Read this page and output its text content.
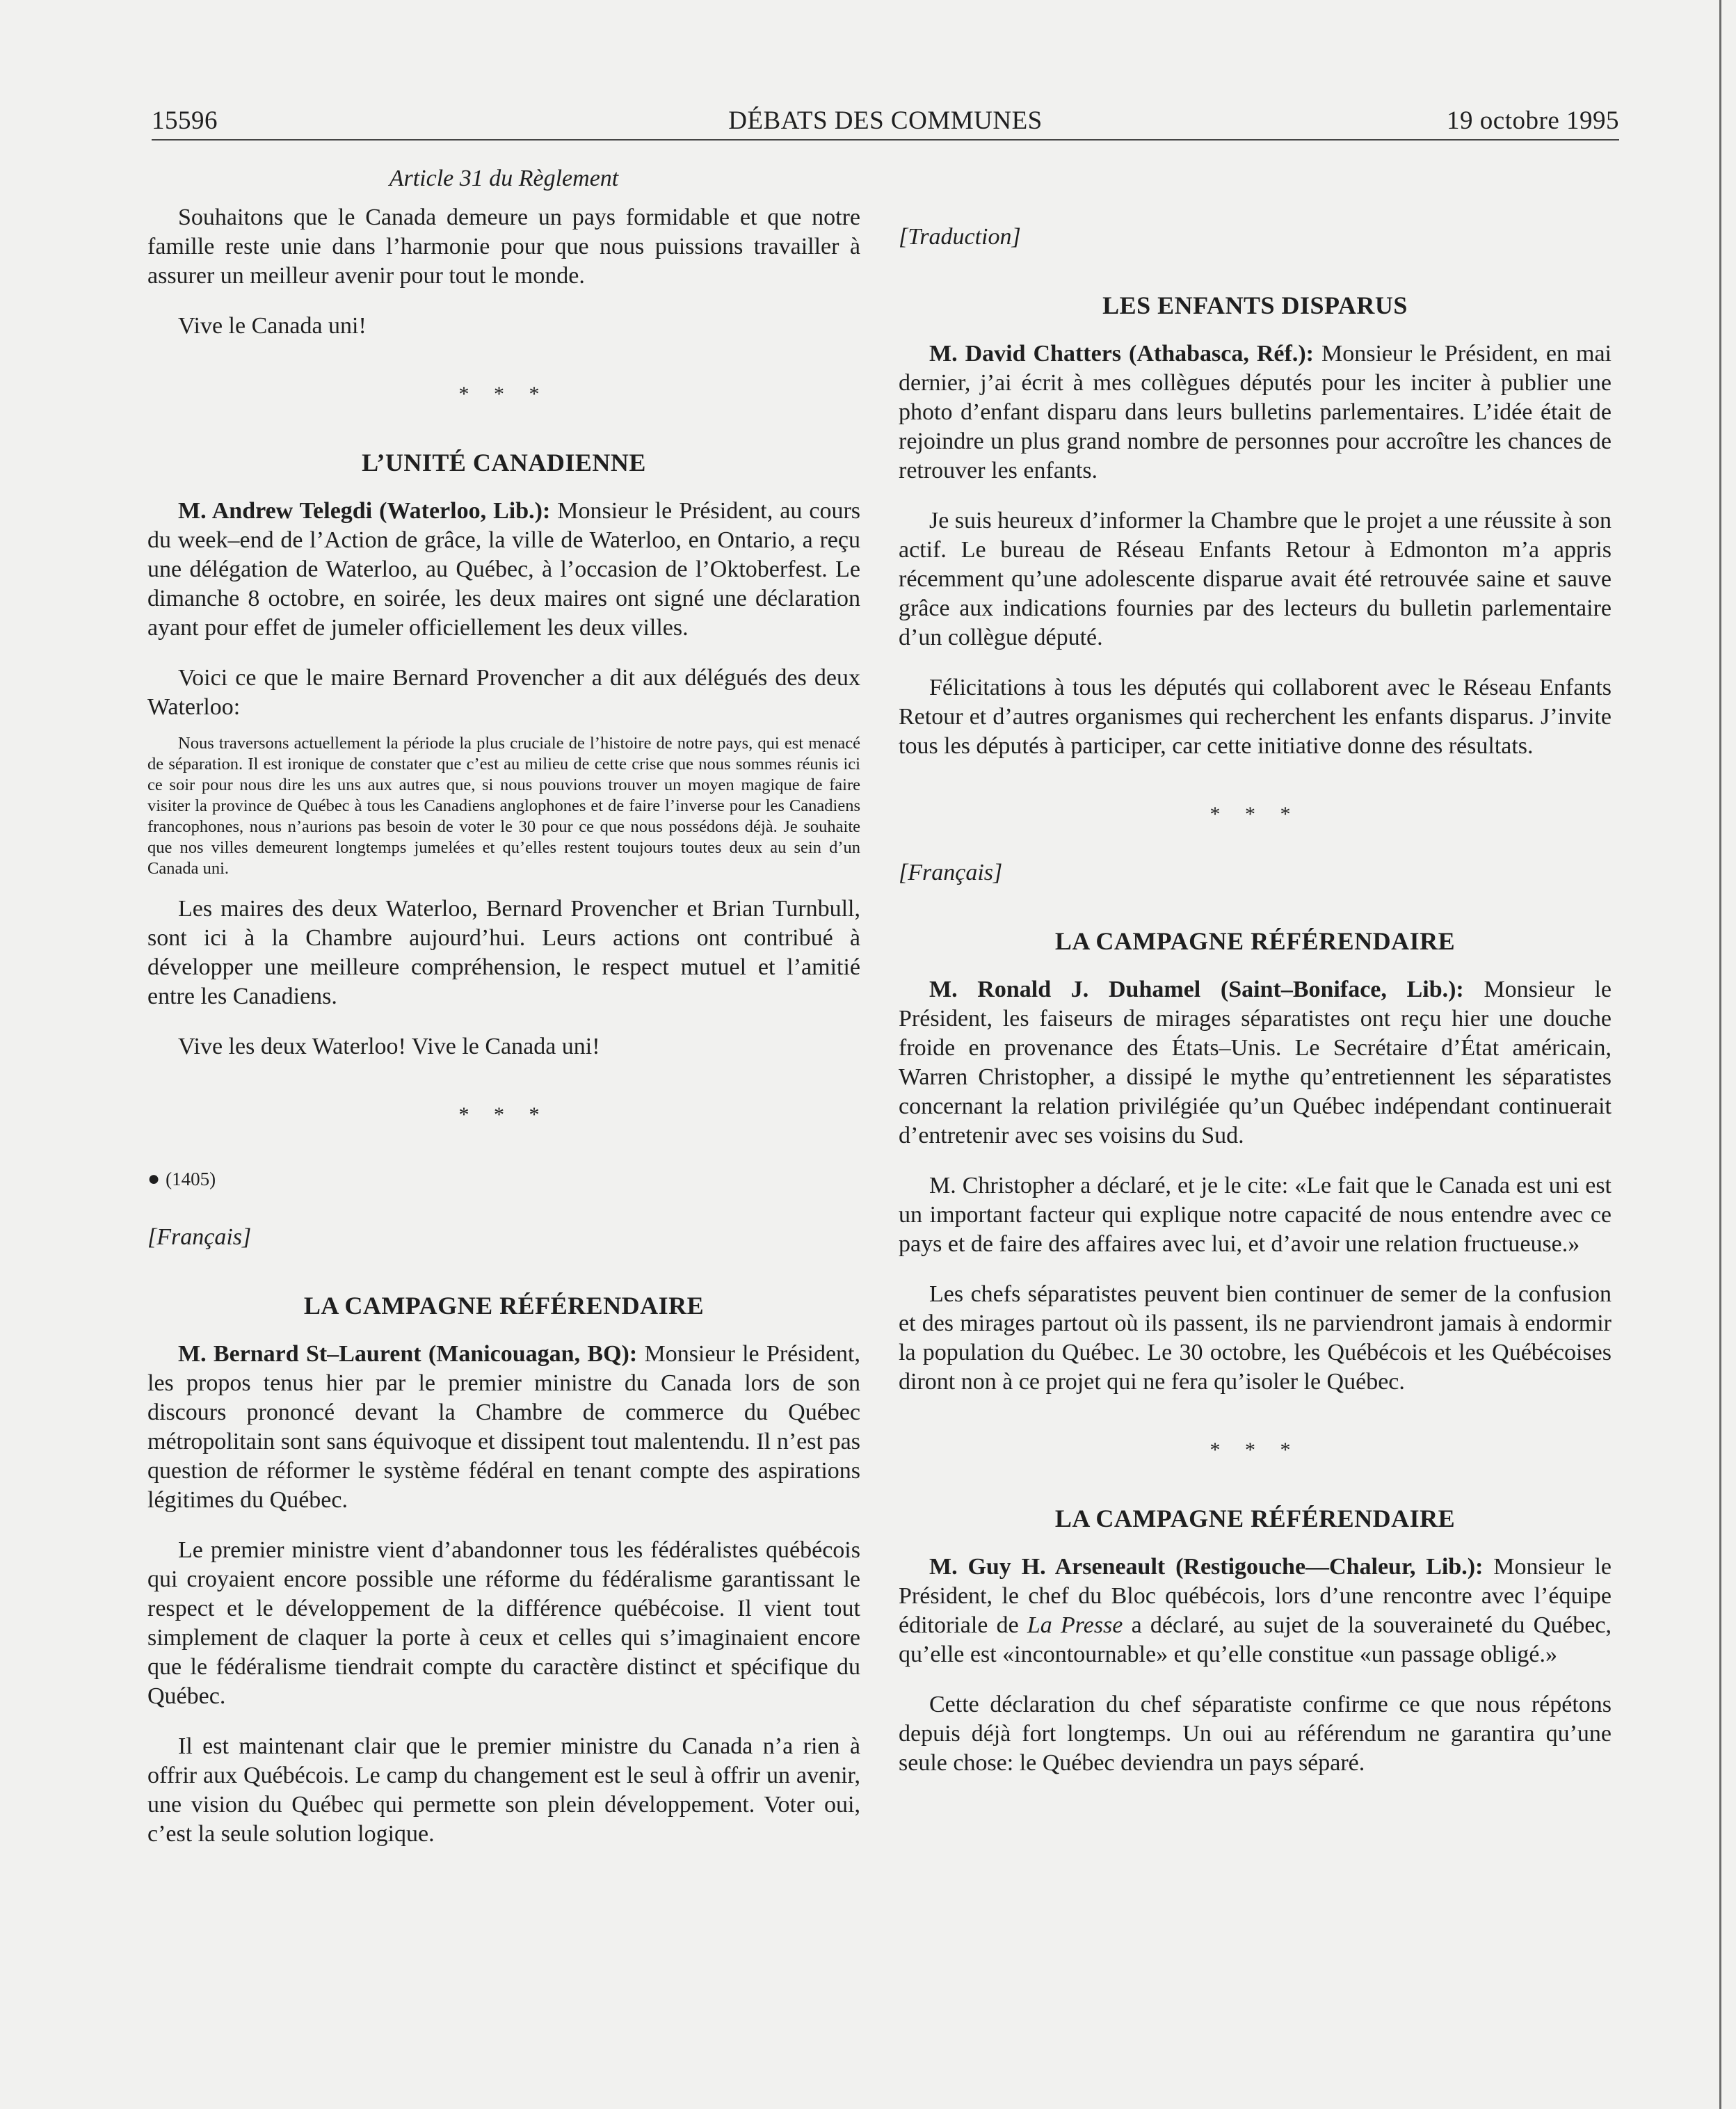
15596	DÉBATS DES COMMUNES	19 octobre 1995
Article 31 du Règlement

Souhaitons que le Canada demeure un pays formidable et que notre famille reste unie dans l’harmonie pour que nous puissions travailler à assurer un meilleur avenir pour tout le monde.

Vive le Canada uni!

* * *
L’UNITÉ CANADIENNE

M. Andrew Telegdi (Waterloo, Lib.): Monsieur le Président, au cours du week–end de l’Action de grâce, la ville de Waterloo, en Ontario, a reçu une délégation de Waterloo, au Québec, à l’occasion de l’Oktoberfest. Le dimanche 8 octobre, en soirée, les deux maires ont signé une déclaration ayant pour effet de jumeler officiellement les deux villes.

Voici ce que le maire Bernard Provencher a dit aux délégués des deux Waterloo:

Nous traversons actuellement la période la plus cruciale de l’histoire de notre pays, qui est menacé de séparation. Il est ironique de constater que c’est au milieu de cette crise que nous sommes réunis ici ce soir pour nous dire les uns aux autres que, si nous pouvions trouver un moyen magique de faire visiter la province de Québec à tous les Canadiens anglophones et de faire l’inverse pour les Canadiens francophones, nous n’aurions pas besoin de voter le 30 pour ce que nous possédons déjà. Je souhaite que nos villes demeurent longtemps jumelées et qu’elles restent toujours toutes deux au sein d’un Canada uni.

Les maires des deux Waterloo, Bernard Provencher et Brian Turnbull, sont ici à la Chambre aujourd’hui. Leurs actions ont contribué à développer une meilleure compréhension, le respect mutuel et l’amitié entre les Canadiens.

Vive les deux Waterloo! Vive le Canada uni!

* * *

● (1405)

[Français]

LA CAMPAGNE RÉFÉRENDAIRE

M. Bernard St–Laurent (Manicouagan, BQ): Monsieur le Président, les propos tenus hier par le premier ministre du Canada lors de son discours prononcé devant la Chambre de commerce du Québec métropolitain sont sans équivoque et dissipent tout malentendu. Il n’est pas question de réformer le système fédéral en tenant compte des aspirations légitimes du Québec.

Le premier ministre vient d’abandonner tous les fédéralistes québécois qui croyaient encore possible une réforme du fédéralisme garantissant le respect et le développement de la différence québécoise. Il vient tout simplement de claquer la porte à ceux et celles qui s’imaginaient encore que le fédéralisme tiendrait compte du caractère distinct et spécifique du Québec.

Il est maintenant clair que le premier ministre du Canada n’a rien à offrir aux Québécois. Le camp du changement est le seul à offrir un avenir, une vision du Québec qui permette son plein développement. Voter oui, c’est la seule solution logique.

[Traduction]

LES ENFANTS DISPARUS

M. David Chatters (Athabasca, Réf.): Monsieur le Président, en mai dernier, j’ai écrit à mes collègues députés pour les inciter à publier une photo d’enfant disparu dans leurs bulletins parlementaires. L’idée était de rejoindre un plus grand nombre de personnes pour accroître les chances de retrouver les enfants.

Je suis heureux d’informer la Chambre que le projet a une réussite à son actif. Le bureau de Réseau Enfants Retour à Edmonton m’a appris récemment qu’une adolescente disparue avait été retrouvée saine et sauve grâce aux indications fournies par des lecteurs du bulletin parlementaire d’un collègue député.

Félicitations à tous les députés qui collaborent avec le Réseau Enfants Retour et d’autres organismes qui recherchent les enfants disparus. J’invite tous les députés à participer, car cette initiative donne des résultats.

* * *

[Français]

LA CAMPAGNE RÉFÉRENDAIRE

M. Ronald J. Duhamel (Saint–Boniface, Lib.): Monsieur le Président, les faiseurs de mirages séparatistes ont reçu hier une douche froide en provenance des États–Unis. Le Secrétaire d’État américain, Warren Christopher, a dissipé le mythe qu’entretiennent les séparatistes concernant la relation privilégiée qu’un Québec indépendant continuerait d’entretenir avec ses voisins du Sud.

M. Christopher a déclaré, et je le cite: «Le fait que le Canada est uni est un important facteur qui explique notre capacité de nous entendre avec ce pays et de faire des affaires avec lui, et d’avoir une relation fructueuse.»

Les chefs séparatistes peuvent bien continuer de semer de la confusion et des mirages partout où ils passent, ils ne parviendront jamais à endormir la population du Québec. Le 30 octobre, les Québécois et les Québécoises diront non à ce projet qui ne fera qu’isoler le Québec.

* * *
LA CAMPAGNE RÉFÉRENDAIRE

M. Guy H. Arseneault (Restigouche—Chaleur, Lib.): Monsieur le Président, le chef du Bloc québécois, lors d’une rencontre avec l’équipe éditoriale de La Presse a déclaré, au sujet de la souveraineté du Québec, qu’elle est «incontournable» et qu’elle constitue «un passage obligé.»

Cette déclaration du chef séparatiste confirme ce que nous répétons depuis déjà fort longtemps. Un oui au référendum ne garantira qu’une seule chose: le Québec deviendra un pays séparé.
